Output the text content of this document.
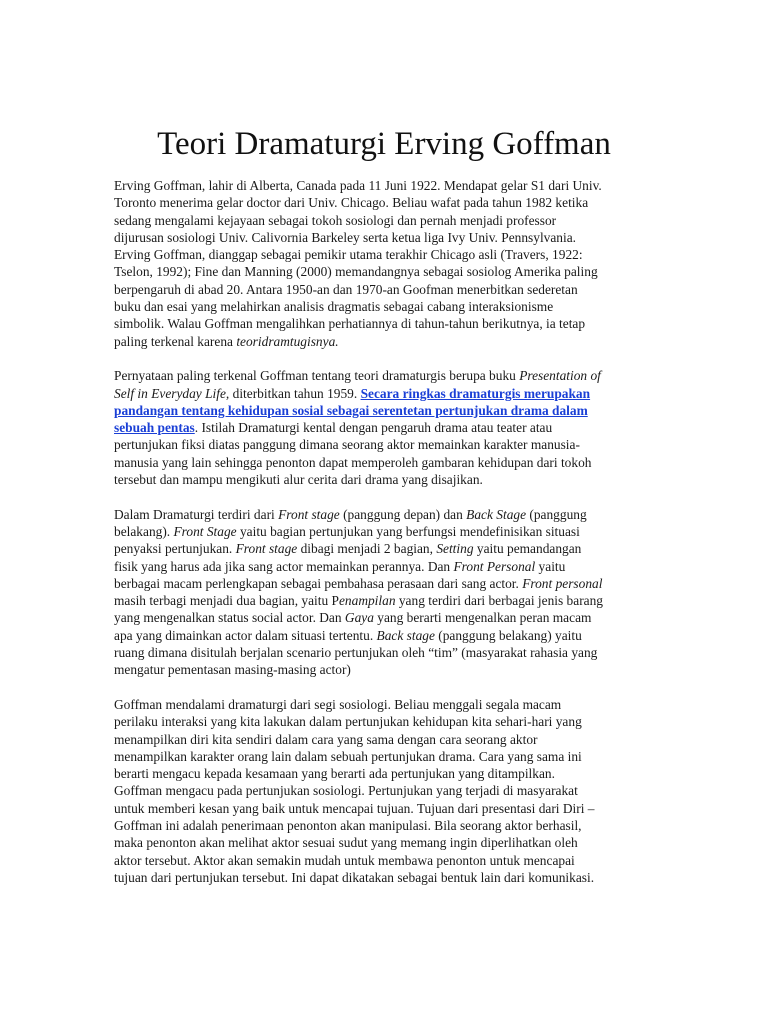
Teori Dramaturgi Erving Goffman
Erving Goffman, lahir di Alberta, Canada pada 11 Juni 1922. Mendapat gelar S1 dari Univ.
Toronto menerima gelar doctor dari Univ. Chicago. Beliau wafat pada tahun 1982 ketika
sedang mengalami kejayaan sebagai tokoh sosiologi dan pernah menjadi professor
dijurusan sosiologi Univ. Calivornia Barkeley serta ketua liga Ivy Univ. Pennsylvania.
Erving Goffman, dianggap sebagai pemikir utama terakhir Chicago asli (Travers, 1922:
Tselon, 1992); Fine dan Manning (2000) memandangnya sebagai sosiolog Amerika paling
berpengaruh di abad 20. Antara 1950-an dan 1970-an Goofman menerbitkan sederetan
buku dan esai yang melahirkan analisis dragmatis sebagai cabang interaksionisme
simbolik. Walau Goffman mengalihkan perhatiannya di tahun-tahun berikutnya, ia tetap
paling terkenal karena teoridramtugisnya.
Pernyataan paling terkenal Goffman tentang teori dramaturgis berupa buku Presentation of
Self in Everyday Life, diterbitkan tahun 1959. Secara ringkas dramaturgis merupakan
pandangan tentang kehidupan sosial sebagai serentetan pertunjukan drama dalam
sebuah pentas. Istilah Dramaturgi kental dengan pengaruh drama atau teater atau
pertunjukan fiksi diatas panggung dimana seorang aktor memainkan karakter manusia-
manusia yang lain sehingga penonton dapat memperoleh gambaran kehidupan dari tokoh
tersebut dan mampu mengikuti alur cerita dari drama yang disajikan.
Dalam Dramaturgi terdiri dari Front stage (panggung depan) dan Back Stage (panggung
belakang). Front Stage yaitu bagian pertunjukan yang berfungsi mendefinisikan situasi
penyaksi pertunjukan. Front stage dibagi menjadi 2 bagian, Setting yaitu pemandangan
fisik yang harus ada jika sang actor memainkan perannya. Dan Front Personal yaitu
berbagai macam perlengkapan sebagai pembahasa perasaan dari sang actor. Front personal
masih terbagi menjadi dua bagian, yaitu Penampilan yang terdiri dari berbagai jenis barang
yang mengenalkan status social actor. Dan Gaya yang berarti mengenalkan peran macam
apa yang dimainkan actor dalam situasi tertentu. Back stage (panggung belakang) yaitu
ruang dimana disitulah berjalan scenario pertunjukan oleh “tim” (masyarakat rahasia yang
mengatur pementasan masing-masing actor)
Goffman mendalami dramaturgi dari segi sosiologi. Beliau menggali segala macam
perilaku interaksi yang kita lakukan dalam pertunjukan kehidupan kita sehari-hari yang
menampilkan diri kita sendiri dalam cara yang sama dengan cara seorang aktor
menampilkan karakter orang lain dalam sebuah pertunjukan drama. Cara yang sama ini
berarti mengacu kepada kesamaan yang berarti ada pertunjukan yang ditampilkan.
Goffman mengacu pada pertunjukan sosiologi. Pertunjukan yang terjadi di masyarakat
untuk memberi kesan yang baik untuk mencapai tujuan. Tujuan dari presentasi dari Diri –
Goffman ini adalah penerimaan penonton akan manipulasi. Bila seorang aktor berhasil,
maka penonton akan melihat aktor sesuai sudut yang memang ingin diperlihatkan oleh
aktor tersebut. Aktor akan semakin mudah untuk membawa penonton untuk mencapai
tujuan dari pertunjukan tersebut. Ini dapat dikatakan sebagai bentuk lain dari komunikasi.
